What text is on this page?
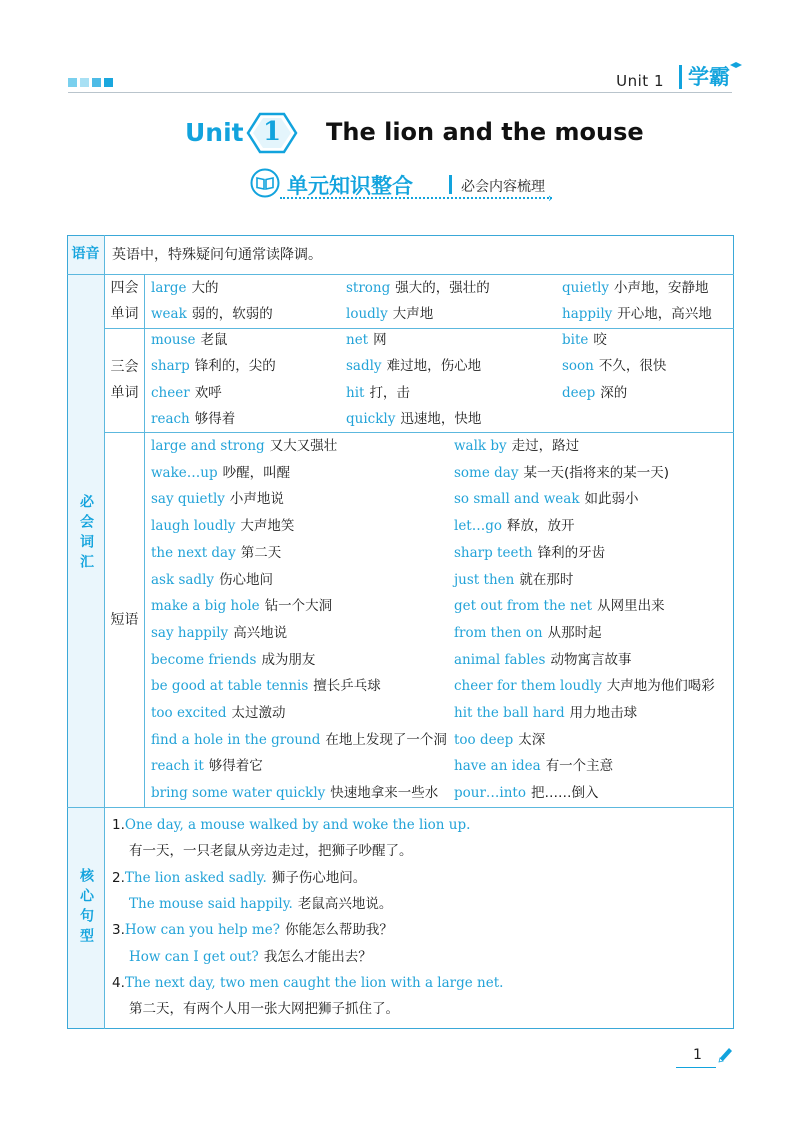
Unit 1	学霸
Unit 1	The lion and the mouse
单元知识整合	必会内容梳理
›
语音 英语中，特殊疑问句通常读降调。
必会词汇
四会单词
large 大的	strong 强大的，强壮的	quietly 小声地，安静地
weak 弱的，软弱的	loudly 大声地	happily 开心地，高兴地
三会单词
mouse 老鼠	net 网	bite 咬
sharp 锋利的，尖的	sadly 难过地，伤心地	soon 不久，很快
cheer 欢呼	hit 打，击	deep 深的
reach 够得着	quickly 迅速地，快地
短语
large and strong 又大又强壮	walk by 走过，路过
wake…up 吵醒，叫醒	some day 某一天(指将来的某一天)
say quietly 小声地说	so small and weak 如此弱小
laugh loudly 大声地笑	let…go 释放，放开
the next day 第二天	sharp teeth 锋利的牙齿
ask sadly 伤心地问	just then 就在那时
make a big hole 钻一个大洞	get out from the net 从网里出来
say happily 高兴地说	from then on 从那时起
become friends 成为朋友	animal fables 动物寓言故事
be good at table tennis 擅长乒乓球	cheer for them loudly 大声地为他们喝彩
too excited 太过激动	hit the ball hard 用力地击球
find a hole in the ground 在地上发现了一个洞 too deep 太深
reach it 够得着它	have an idea 有一个主意
bring some water quickly 快速地拿来一些水 pour…into 把……倒入
核心句型
1.One day, a mouse walked by and woke the lion up.
有一天，一只老鼠从旁边走过，把狮子吵醒了。
2.The lion asked sadly. 狮子伤心地问。
The mouse said happily. 老鼠高兴地说。
3.How can you help me? 你能怎么帮助我？
How can I get out? 我怎么才能出去？
4.The next day, two men caught the lion with a large net.
第二天，有两个人用一张大网把狮子抓住了。
1
